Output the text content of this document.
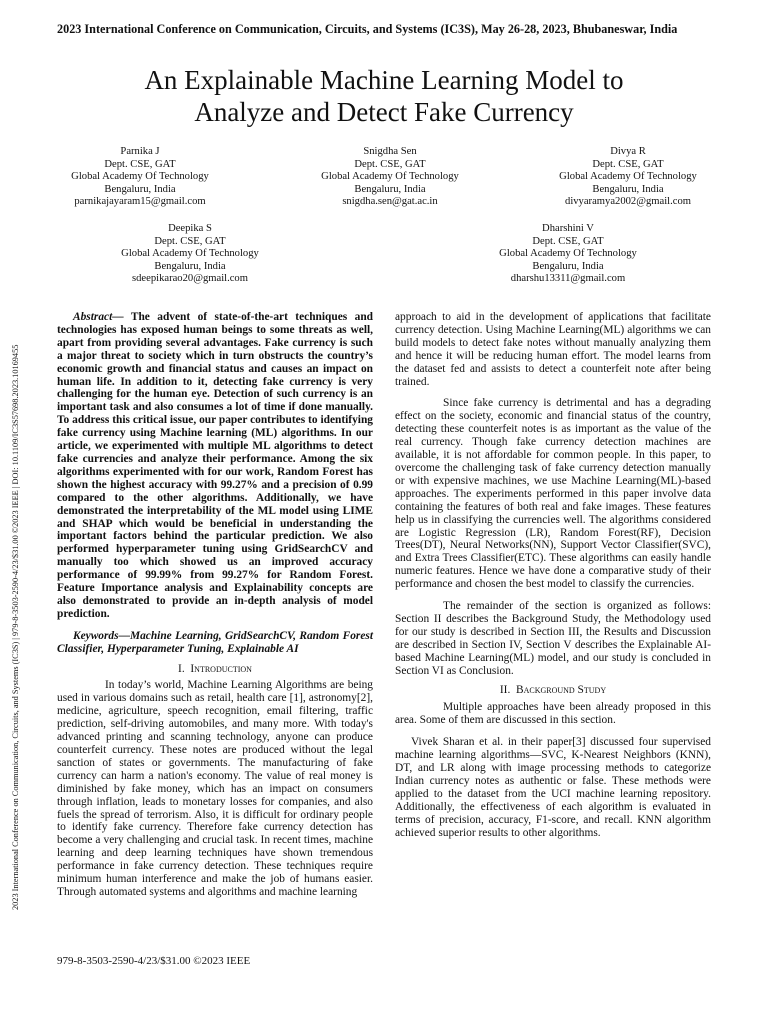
2023 International Conference on Communication, Circuits, and Systems (IC3S) | 979-8-3503-2590-4/23/$31.00 ©2023 IEEE | DOI: 10.1109/IC3S57698.2023.10169455
2023 International Conference on Communication, Circuits, and Systems (IC3S), May 26-28, 2023, Bhubaneswar, India
An Explainable Machine Learning Model to
Analyze and Detect Fake Currency
Parnika J
Dept. CSE, GAT
Global Academy Of Technology
Bengaluru, India
parnikajayaram15@gmail.com
Snigdha Sen
Dept. CSE, GAT
Global Academy Of Technology
Bengaluru, India
snigdha.sen@gat.ac.in
Divya R
Dept. CSE, GAT
Global Academy Of Technology
Bengaluru, India
divyaramya2002@gmail.com
Deepika S
Dept. CSE, GAT
Global Academy Of Technology
Bengaluru, India
sdeepikarao20@gmail.com
Dharshini V
Dept. CSE, GAT
Global Academy Of Technology
Bengaluru, India
dharshu13311@gmail.com

Abstract— The advent of state-of-the-art techniques and technologies has exposed human beings to some threats as well, apart from providing several advantages. Fake currency is such a major threat to society which in turn obstructs the country’s economic growth and financial status and causes an impact on human life. In addition to it, detecting fake currency is very challenging for the human eye. Detection of such currency is an important task and also consumes a lot of time if done manually. To address this critical issue, our paper contributes to identifying fake currency using Machine learning (ML) algorithms. In our article, we experimented with multiple ML algorithms to detect fake currencies and analyze their performance. Among the six algorithms experimented with for our work, Random Forest has shown the highest accuracy with 99.27% and a precision of 0.99 compared to the other algorithms. Additionally, we have demonstrated the interpretability of the ML model using LIME and SHAP which would be beneficial in understanding the important factors behind the particular prediction. We also performed hyperparameter tuning using GridSearchCV and manually too which showed us an improved accuracy performance of 99.99% from 99.27% for Random Forest. Feature Importance analysis and Explainability concepts are also demonstrated to provide an in-depth analysis of model prediction.

Keywords—Machine Learning, GridSearchCV, Random Forest Classifier, Hyperparameter Tuning, Explainable AI

I. Introduction

In today’s world, Machine Learning Algorithms are being used in various domains such as retail, health care [1], astronomy[2], medicine, agriculture, speech recognition, email filtering, traffic prediction, self-driving automobiles, and many more. With today's advanced printing and scanning technology, anyone can produce counterfeit currency. These notes are produced without the legal sanction of states or governments. The manufacturing of fake currency can harm a nation's economy. The value of real money is diminished by fake money, which has an impact on consumers through inflation, leads to monetary losses for companies, and also fuels the spread of terrorism. Also, it is difficult for ordinary people to identify fake currency. Therefore fake currency detection has become a very challenging and crucial task. In recent times, machine learning and deep learning techniques have shown tremendous performance in fake currency detection. These techniques require minimum human interference and make the job of humans easier. Through automated systems and algorithms and machine learning

approach to aid in the development of applications that facilitate currency detection. Using Machine Learning(ML) algorithms we can build models to detect fake notes without manually analyzing them and hence it will be reducing human effort. The model learns from the dataset fed and assists to detect a counterfeit note after being trained.

Since fake currency is detrimental and has a degrading effect on the society, economic and financial status of the country, detecting these counterfeit notes is as important as the value of the real currency. Though fake currency detection machines are available, it is not affordable for common people. In this paper, to overcome the challenging task of fake currency detection manually or with expensive machines, we use Machine Learning(ML)-based approaches. The experiments performed in this paper involve data containing the features of both real and fake images. These features help us in classifying the currencies well. The algorithms considered are Logistic Regression (LR), Random Forest(RF), Decision Trees(DT), Neural Networks(NN), Support Vector Classifier(SVC), and Extra Trees Classifier(ETC). These algorithms can easily handle numeric features. Hence we have done a comparative study of their performance and chosen the best model to classify the currencies.

The remainder of the section is organized as follows: Section II describes the Background Study, the Methodology used for our study is described in Section III, the Results and Discussion are described in Section IV, Section V describes the Explainable AI-based Machine Learning(ML) model, and our study is concluded in Section VI as Conclusion.

II. Background Study

Multiple approaches have been already proposed in this area. Some of them are discussed in this section.

Vivek Sharan et al. in their paper[3] discussed four supervised machine learning algorithms—SVC, K-Nearest Neighbors (KNN), DT, and LR along with image processing methods to categorize Indian currency notes as authentic or false. These methods were applied to the dataset from the UCI machine learning repository. Additionally, the effectiveness of each algorithm is evaluated in terms of precision, accuracy, F1-score, and recall. KNN algorithm achieved superior results to other algorithms.

979-8-3503-2590-4/23/$31.00 ©2023 IEEE
